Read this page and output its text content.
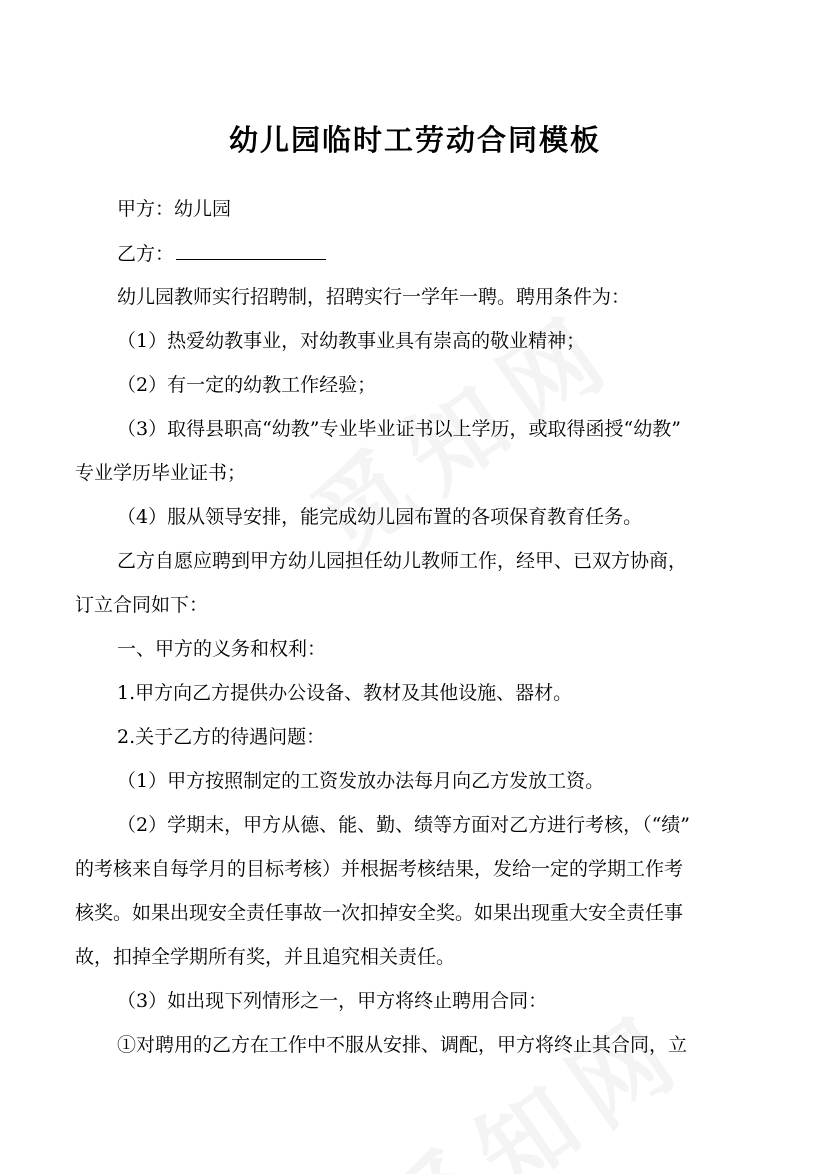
幼儿园临时工劳动合同模板
甲方：幼儿园
乙方：
幼儿园教师实行招聘制，招聘实行一学年一聘。聘用条件为：
（1）热爱幼教事业，对幼教事业具有崇高的敬业精神；
（2）有一定的幼教工作经验；
（3）取得县职高“幼教”专业毕业证书以上学历，或取得函授“幼教”
专业学历毕业证书；
（4）服从领导安排，能完成幼儿园布置的各项保育教育任务。
乙方自愿应聘到甲方幼儿园担任幼儿教师工作，经甲、已双方协商，
订立合同如下：
一、甲方的义务和权利：
1.甲方向乙方提供办公设备、教材及其他设施、器材。
2.关于乙方的待遇问题：
（1）甲方按照制定的工资发放办法每月向乙方发放工资。
（2）学期末，甲方从德、能、勤、绩等方面对乙方进行考核，（“绩”
的考核来自每学月的目标考核）并根据考核结果，发给一定的学期工作考
核奖。如果出现安全责任事故一次扣掉安全奖。如果出现重大安全责任事
故，扣掉全学期所有奖，并且追究相关责任。
（3）如出现下列情形之一，甲方将终止聘用合同：
①对聘用的乙方在工作中不服从安排、调配，甲方将终止其合同，立
